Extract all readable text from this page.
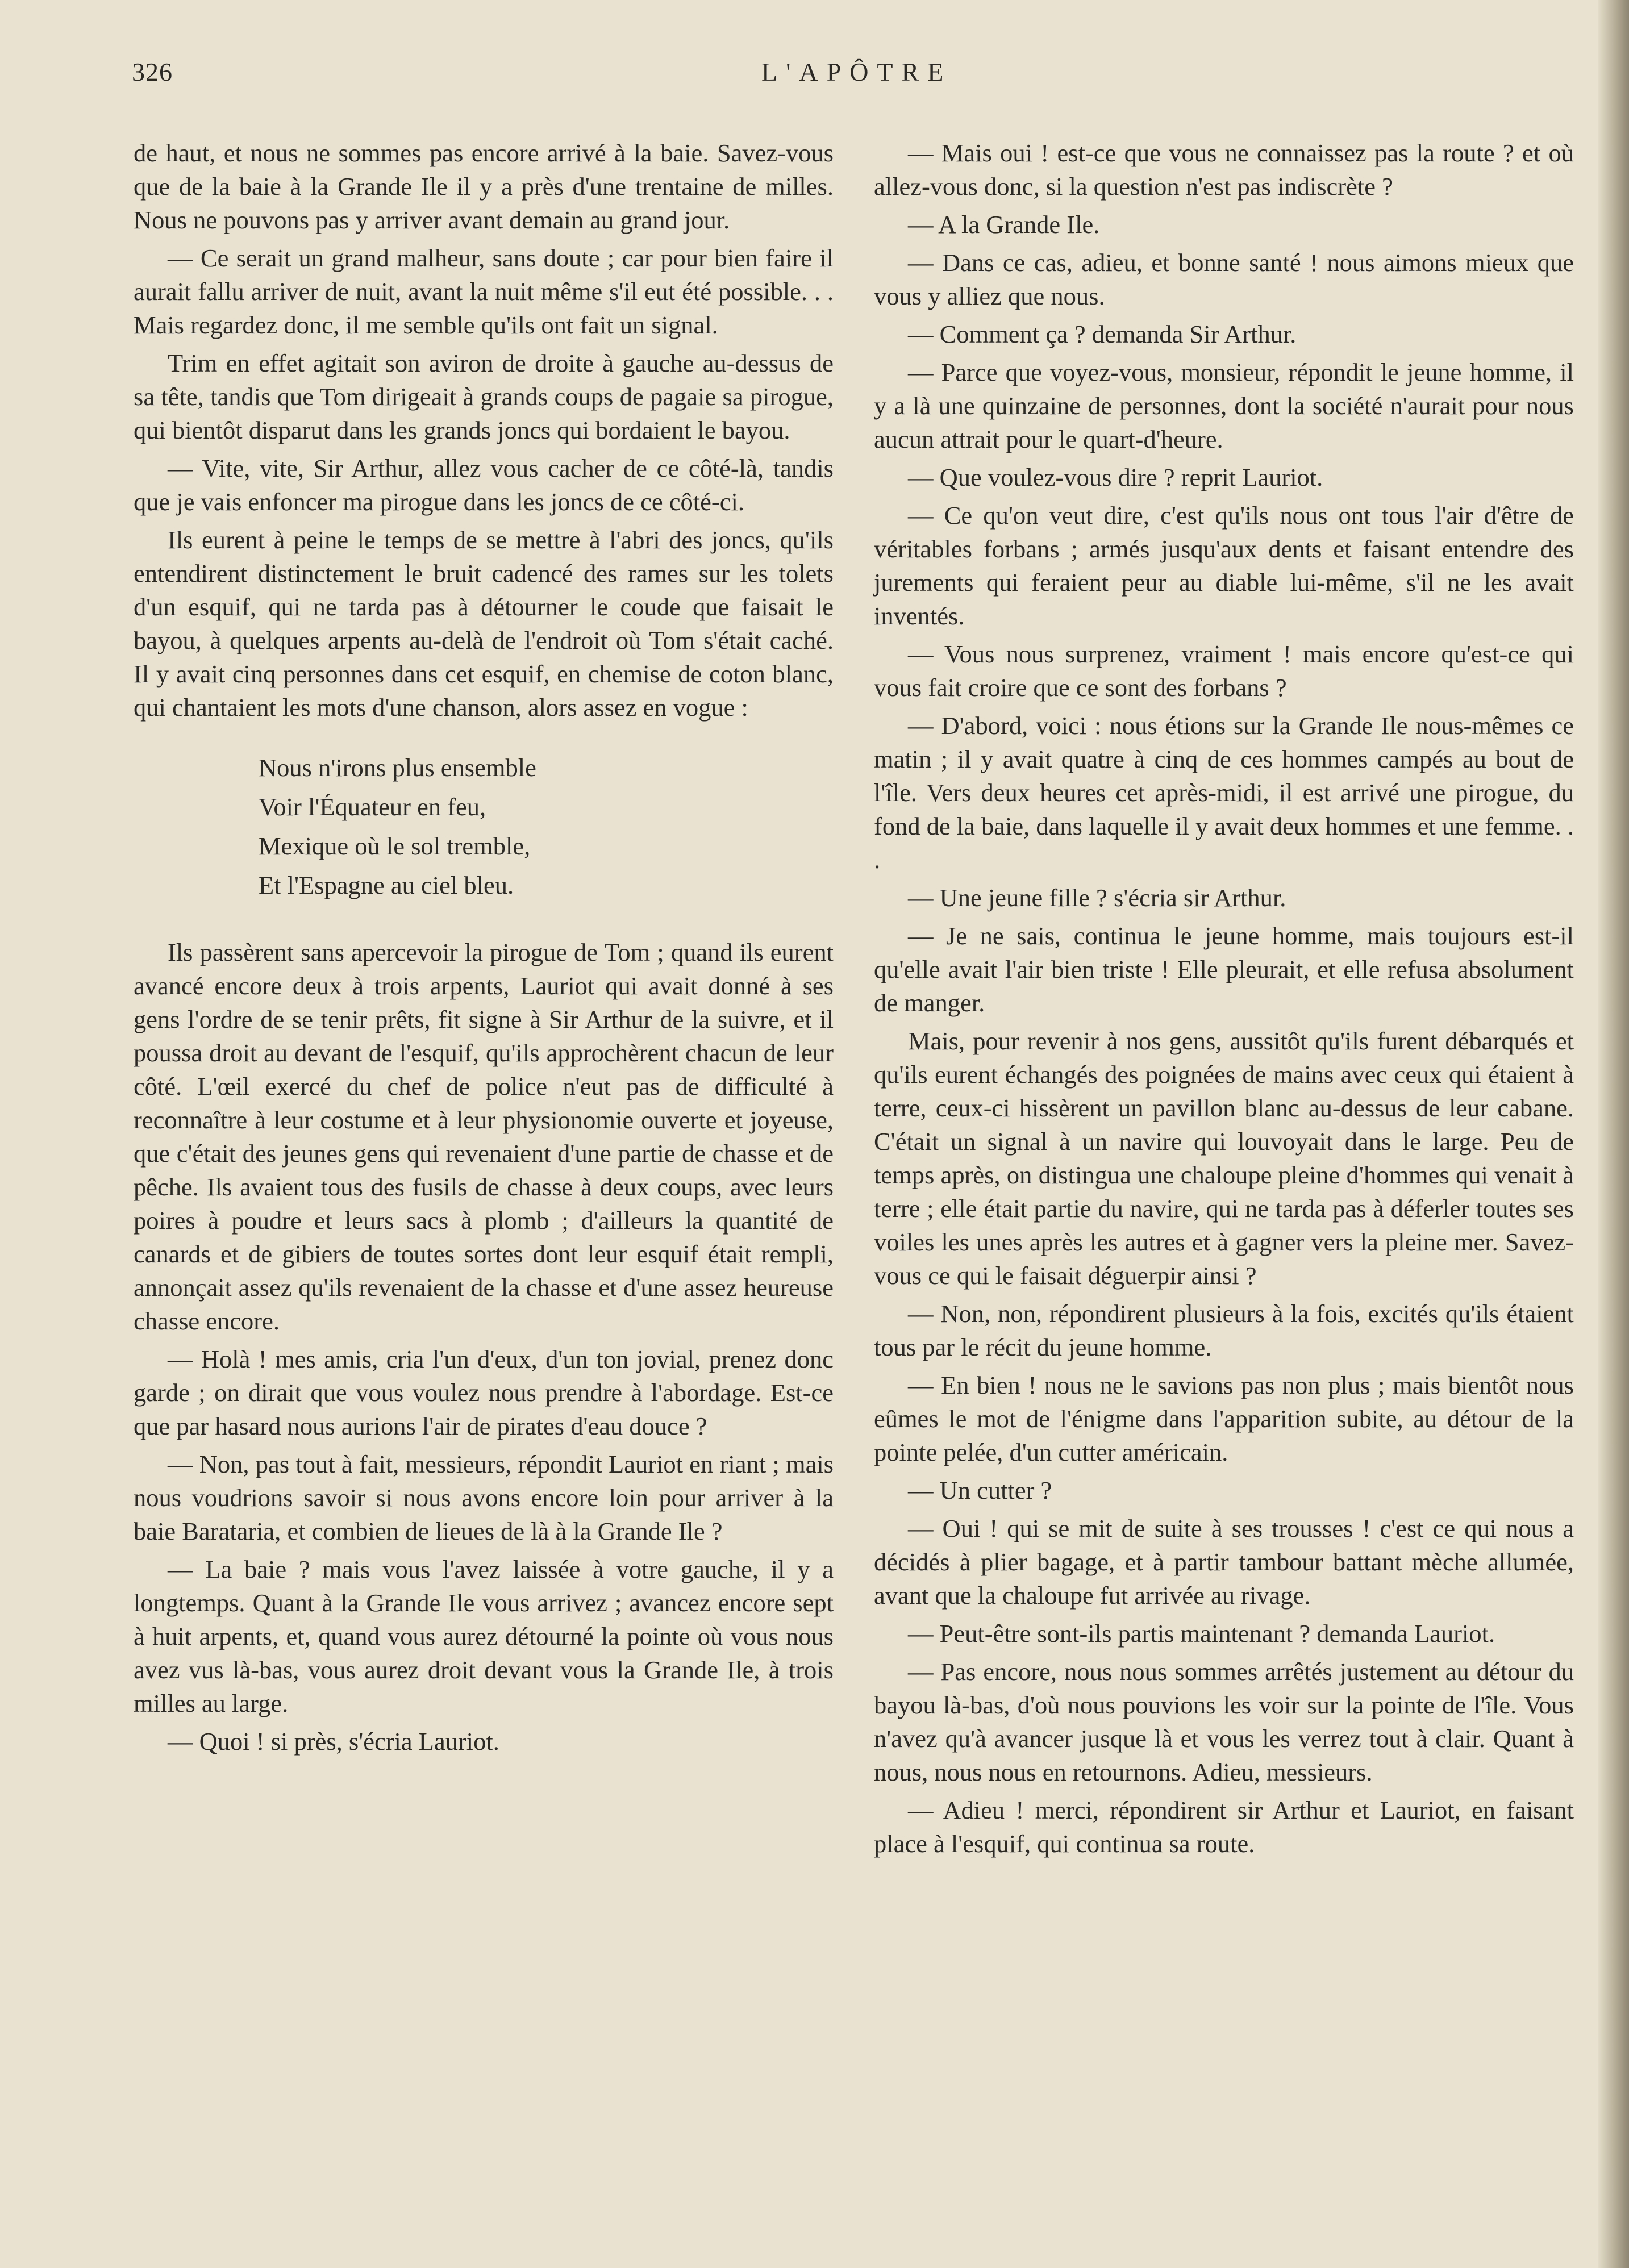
326	L'APÔTRE

de haut, et nous ne sommes pas encore arrivé à la baie. Savez-vous que de la baie à la Grande Ile il y a près d'une trentaine de milles. Nous ne pouvons pas y arriver avant demain au grand jour.

— Ce serait un grand malheur, sans doute ; car pour bien faire il aurait fallu arriver de nuit, avant la nuit même s'il eut été possible. . . Mais regardez donc, il me semble qu'ils ont fait un signal.

Trim en effet agitait son aviron de droite à gauche au-dessus de sa tête, tandis que Tom dirigeait à grands coups de pagaie sa pirogue, qui bientôt disparut dans les grands joncs qui bordaient le bayou.

— Vite, vite, Sir Arthur, allez vous cacher de ce côté-là, tandis que je vais enfoncer ma pirogue dans les joncs de ce côté-ci.

Ils eurent à peine le temps de se mettre à l'abri des joncs, qu'ils entendirent distinctement le bruit cadencé des rames sur les tolets d'un esquif, qui ne tarda pas à détourner le coude que faisait le bayou, à quelques arpents au-delà de l'endroit où Tom s'était caché. Il y avait cinq personnes dans cet esquif, en chemise de coton blanc, qui chantaient les mots d'une chanson, alors assez en vogue :

Nous n'irons plus ensemble
Voir l'Équateur en feu,
Mexique où le sol tremble,
Et l'Espagne au ciel bleu.

Ils passèrent sans apercevoir la pirogue de Tom ; quand ils eurent avancé encore deux à trois arpents, Lauriot qui avait donné à ses gens l'ordre de se tenir prêts, fit signe à Sir Arthur de la suivre, et il poussa droit au devant de l'esquif, qu'ils approchèrent chacun de leur côté. L'œil exercé du chef de police n'eut pas de difficulté à reconnaître à leur costume et à leur physionomie ouverte et joyeuse, que c'était des jeunes gens qui revenaient d'une partie de chasse et de pêche. Ils avaient tous des fusils de chasse à deux coups, avec leurs poires à poudre et leurs sacs à plomb ; d'ailleurs la quantité de canards et de gibiers de toutes sortes dont leur esquif était rempli, annonçait assez qu'ils revenaient de la chasse et d'une assez heureuse chasse encore.

— Holà ! mes amis, cria l'un d'eux, d'un ton jovial, prenez donc garde ; on dirait que vous voulez nous prendre à l'abordage. Est-ce que par hasard nous aurions l'air de pirates d'eau douce ?

— Non, pas tout à fait, messieurs, répondit Lauriot en riant ; mais nous voudrions savoir si nous avons encore loin pour arriver à la baie Barataria, et combien de lieues de là à la Grande Ile ?

— La baie ? mais vous l'avez laissée à votre gauche, il y a longtemps. Quant à la Grande Ile vous arrivez ; avancez encore sept à huit arpents, et, quand vous aurez détourné la pointe où vous nous avez vus là-bas, vous aurez droit devant vous la Grande Ile, à trois milles au large.

— Quoi ! si près, s'écria Lauriot.

— Mais oui ! est-ce que vous ne connaissez pas la route ? et où allez-vous donc, si la question n'est pas indiscrète ?

— A la Grande Ile.

— Dans ce cas, adieu, et bonne santé ! nous aimons mieux que vous y alliez que nous.

— Comment ça ? demanda Sir Arthur.

— Parce que voyez-vous, monsieur, répondit le jeune homme, il y a là une quinzaine de personnes, dont la société n'aurait pour nous aucun attrait pour le quart-d'heure.

— Que voulez-vous dire ? reprit Lauriot.

— Ce qu'on veut dire, c'est qu'ils nous ont tous l'air d'être de véritables forbans ; armés jusqu'aux dents et faisant entendre des jurements qui feraient peur au diable lui-même, s'il ne les avait inventés.

— Vous nous surprenez, vraiment ! mais encore qu'est-ce qui vous fait croire que ce sont des forbans ?

— D'abord, voici : nous étions sur la Grande Ile nous-mêmes ce matin ; il y avait quatre à cinq de ces hommes campés au bout de l'île. Vers deux heures cet après-midi, il est arrivé une pirogue, du fond de la baie, dans laquelle il y avait deux hommes et une femme. . .

— Une jeune fille ? s'écria sir Arthur.

— Je ne sais, continua le jeune homme, mais toujours est-il qu'elle avait l'air bien triste ! Elle pleurait, et elle refusa absolument de manger.

Mais, pour revenir à nos gens, aussitôt qu'ils furent débarqués et qu'ils eurent échangés des poignées de mains avec ceux qui étaient à terre, ceux-ci hissèrent un pavillon blanc au-dessus de leur cabane. C'était un signal à un navire qui louvoyait dans le large. Peu de temps après, on distingua une chaloupe pleine d'hommes qui venait à terre ; elle était partie du navire, qui ne tarda pas à déferler toutes ses voiles les unes après les autres et à gagner vers la pleine mer. Savez-vous ce qui le faisait déguerpir ainsi ?

— Non, non, répondirent plusieurs à la fois, excités qu'ils étaient tous par le récit du jeune homme.

— En bien ! nous ne le savions pas non plus ; mais bientôt nous eûmes le mot de l'énigme dans l'apparition subite, au détour de la pointe pelée, d'un cutter américain.

— Un cutter ?

— Oui ! qui se mit de suite à ses trousses ! c'est ce qui nous a décidés à plier bagage, et à partir tambour battant mèche allumée, avant que la chaloupe fut arrivée au rivage.

— Peut-être sont-ils partis maintenant ? demanda Lauriot.

— Pas encore, nous nous sommes arrêtés justement au détour du bayou là-bas, d'où nous pouvions les voir sur la pointe de l'île. Vous n'avez qu'à avancer jusque là et vous les verrez tout à clair. Quant à nous, nous nous en retournons. Adieu, messieurs.

— Adieu ! merci, répondirent sir Arthur et Lauriot, en faisant place à l'esquif, qui continua sa route.
